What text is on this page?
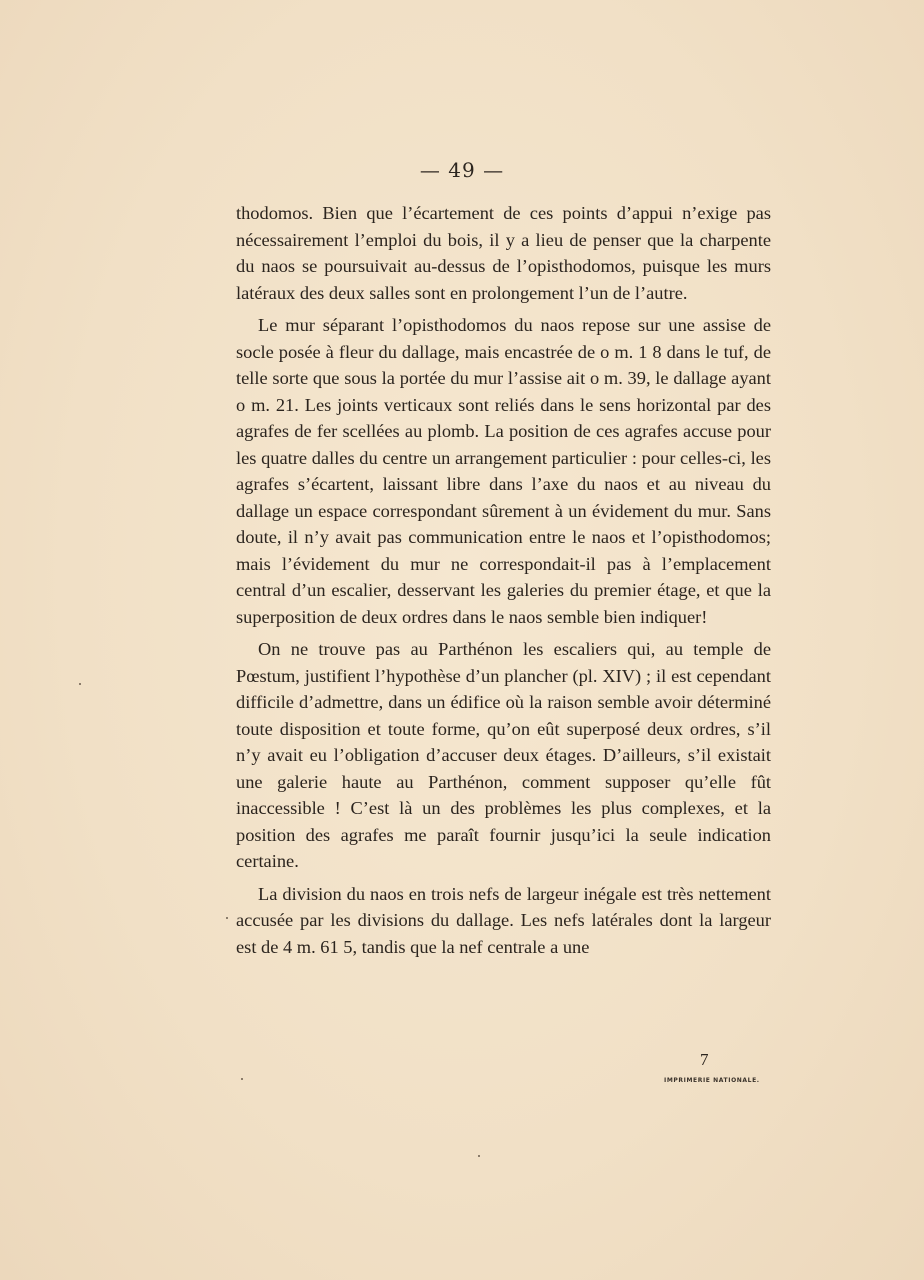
— 49 —

thodomos. Bien que l’écartement de ces points d’appui n’exige pas nécessairement l’emploi du bois, il y a lieu de penser que la charpente du naos se poursuivait au-dessus de l’opisthodomos, puisque les murs latéraux des deux salles sont en prolongement l’un de l’autre.

Le mur séparant l’opisthodomos du naos repose sur une assise de socle posée à fleur du dallage, mais encastrée de o m. 1 8 dans le tuf, de telle sorte que sous la portée du mur l’assise ait o m. 39, le dallage ayant o m. 21. Les joints verticaux sont reliés dans le sens horizontal par des agrafes de fer scellées au plomb. La position de ces agrafes accuse pour les quatre dalles du centre un arrangement particulier : pour celles-ci, les agrafes s’écartent, laissant libre dans l’axe du naos et au niveau du dallage un espace correspondant sûrement à un évidement du mur. Sans doute, il n’y avait pas communication entre le naos et l’opisthodomos; mais l’évidement du mur ne correspondait-il pas à l’emplacement central d’un escalier, desservant les galeries du premier étage, et que la superposition de deux ordres dans le naos semble bien indiquer!

On ne trouve pas au Parthénon les escaliers qui, au temple de Pœstum, justifient l’hypothèse d’un plancher (pl. XIV) ; il est cependant difficile d’admettre, dans un édifice où la raison semble avoir déterminé toute disposition et toute forme, qu’on eût superposé deux ordres, s’il n’y avait eu l’obligation d’accuser deux étages. D’ailleurs, s’il existait une galerie haute au Parthénon, comment supposer qu’elle fût inaccessible ! C’est là un des problèmes les plus complexes, et la position des agrafes me paraît fournir jusqu’ici la seule indication certaine.

La division du naos en trois nefs de largeur inégale est très nettement accusée par les divisions du dallage. Les nefs latérales dont la largeur est de 4 m. 61 5, tandis que la nef centrale a une

7
IMPRIMERIE NATIONALE.
